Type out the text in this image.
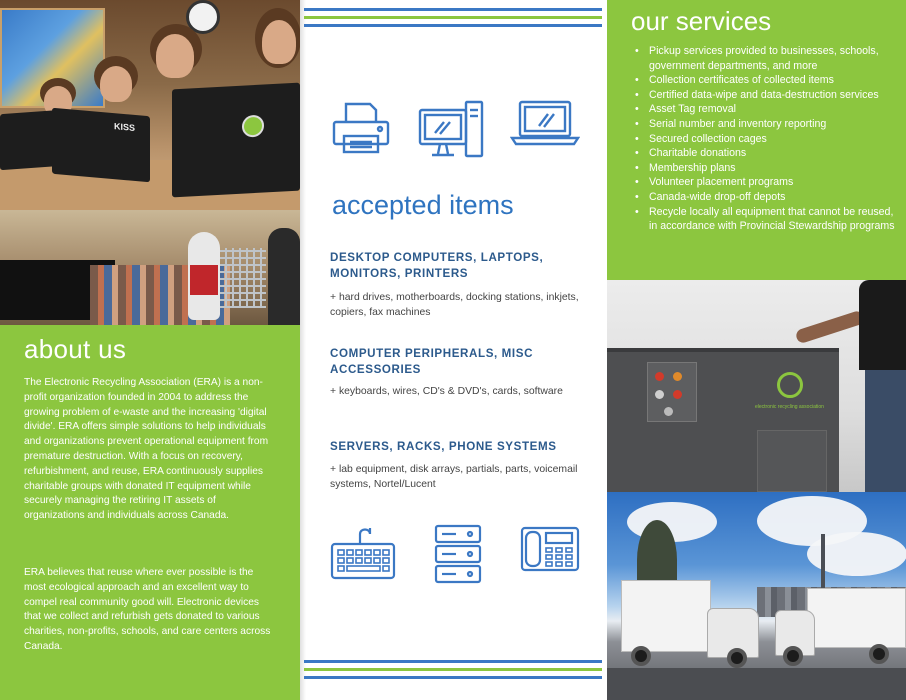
KISS
about us

The Electronic Recycling Association (ERA) is a non-profit organization founded in 2004 to address the growing problem of e-waste and the increasing 'digital divide'. ERA offers simple solutions to help individuals and organizations prevent operational equipment from premature destruction. With a focus on recovery, refurbishment, and reuse, ERA continuously supplies charitable groups with donated IT equipment while securely managing the retiring IT assets of organizations and individuals across Canada.

ERA believes that reuse where ever possible is the most ecological approach and an excellent way to compel real community good will. Electronic devices that we collect and refurbish gets donated to various charities, non-profits, schools, and care centers across Canada.

accepted items
DESKTOP COMPUTERS, LAPTOPS, MONITORS, PRINTERS

+ hard drives, motherboards, docking stations, inkjets, copiers, fax machines

COMPUTER PERIPHERALS, MISC ACCESSORIES

+ keyboards, wires, CD's & DVD's, cards, software

SERVERS, RACKS, PHONE SYSTEMS

+ lab equipment, disk arrays, partials, parts, voicemail systems, Nortel/Lucent

our services
• Pickup services provided to businesses, schools, government departments, and more
• Collection certificates of collected items
• Certified data-wipe and data-destruction services
• Asset Tag removal
• Serial number and inventory reporting
• Secured collection cages
• Charitable donations
• Membership plans
• Volunteer placement programs
• Canada-wide drop-off depots
• Recycle locally all equipment that cannot be reused, in accordance with Provincial Stewardship programs
electronic recycling association
